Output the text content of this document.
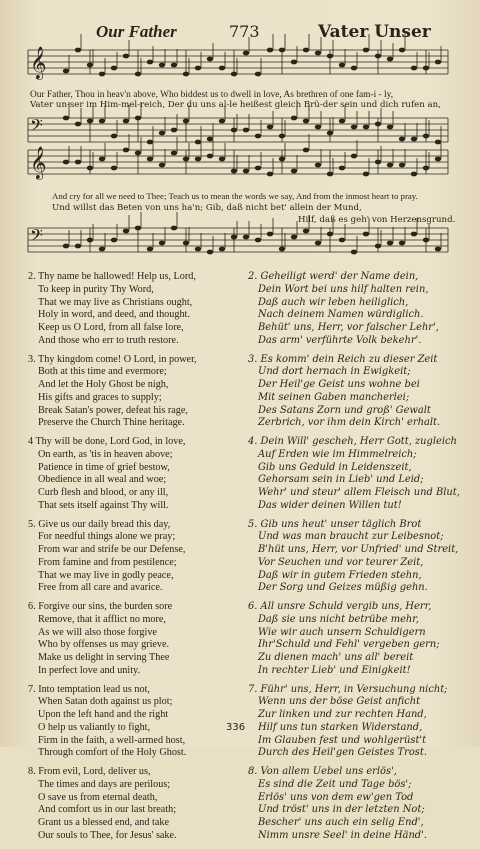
Our Father	773	Vater Unser
𝄞
𝄢
𝄞
𝄢
Our Father, Thou in heav'n above, Who biddest us to dwell in love, As brethren of one fam-i - ly,
Vater un-ser im Him-mel-reich, Der du uns al-le heißest gleich Brü-der sein und dich rufen an,
And cry for all we need to Thee; Teach us to mean the words we say, And from the inmost heart to pray.
Und willst das Beten von uns ha'n; Gib, daß nicht bet' allein der Mund,
Hilf, daß es geh' von Herzensgrund.
2. Thy name be hallowed! Help us, Lord,
To keep in purity Thy Word,
That we may live as Christians ought,
Holy in word, and deed, and thought.
Keep us O Lord, from all false lore,
And those who err to truth restore.
3. Thy kingdom come! O Lord, in power,
Both at this time and evermore;
And let the Holy Ghost be nigh,
His gifts and graces to supply;
Break Satan's power, defeat his rage,
Preserve the Church Thine heritage.
4 Thy will be done, Lord God, in love,
On earth, as 'tis in heaven above;
Patience in time of grief bestow,
Obedience in all weal and woe;
Curb flesh and blood, or any ill,
That sets itself against Thy will.
5. Give us our daily bread this day,
For needful things alone we pray;
From war and strife be our Defense,
From famine and from pestilence;
That we may live in godly peace,
Free from all care and avarice.
6. Forgive our sins, the burden sore
Remove, that it afflict no more,
As we will also those forgive
Who by offenses us may grieve.
Make us delight in serving Thee
In perfect love and unity.
7. Into temptation lead us not,
When Satan doth against us plot;
Upon the left hand and the right
O help us valiantly to fight,
Firm in the faith, a well-armed host,
Through comfort of the Holy Ghost.
8. From evil, Lord, deliver us,
The times and days are perilous;
O save us from eternal death,
And comfort us in our last breath;
Grant us a blessed end, and take
Our souls to Thee, for Jesus' sake.
2. Geheiligt werd' der Name dein,
Dein Wort bei uns hilf halten rein,
Daß auch wir leben heiliglich,
Nach deinem Namen würdiglich.
Behüt' uns, Herr, vor falscher Lehr',
Das arm' verführte Volk bekehr'.
3. Es komm' dein Reich zu dieser Zeit
Und dort hernach in Ewigkeit;
Der Heil'ge Geist uns wohne bei
Mit seinen Gaben mancherlei;
Des Satans Zorn und groß' Gewalt
Zerbrich, vor ihm dein Kirch' erhalt.
4. Dein Will' gescheh, Herr Gott, zugleich
Auf Erden wie im Himmelreich;
Gib uns Geduld in Leidenszeit,
Gehorsam sein in Lieb' und Leid;
Wehr' und steur' allem Fleisch und Blut,
Das wider deinen Willen tut!
5. Gib uns heut' unser täglich Brot
Und was man braucht zur Leibesnot;
B'hüt uns, Herr, vor Unfried' und Streit,
Vor Seuchen und vor teurer Zeit,
Daß wir in gutem Frieden stehn,
Der Sorg und Geizes müßig gehn.
6. All unsre Schuld vergib uns, Herr,
Daß sie uns nicht betrübe mehr,
Wie wir auch unsern Schuldigern
Ihr'Schuld und Fehl' vergeben gern;
Zu dienen mach' uns all' bereit
In rechter Lieb' und Einigkeit!
7. Führ' uns, Herr, in Versuchung nicht;
Wenn uns der böse Geist anficht
Zur linken und zur rechten Hand,
Hilf uns tun starken Widerstand,
Im Glauben fest und wohlgerüst't
Durch des Heil'gen Geistes Trost.
8. Von allem Uebel uns erlös',
Es sind die Zeit und Tage bös';
Erlös' uns von dem ew'gen Tod
Und tröst' uns in der letzten Not;
Bescher' uns auch ein selig End',
Nimm unsre Seel' in deine Händ'.
336
